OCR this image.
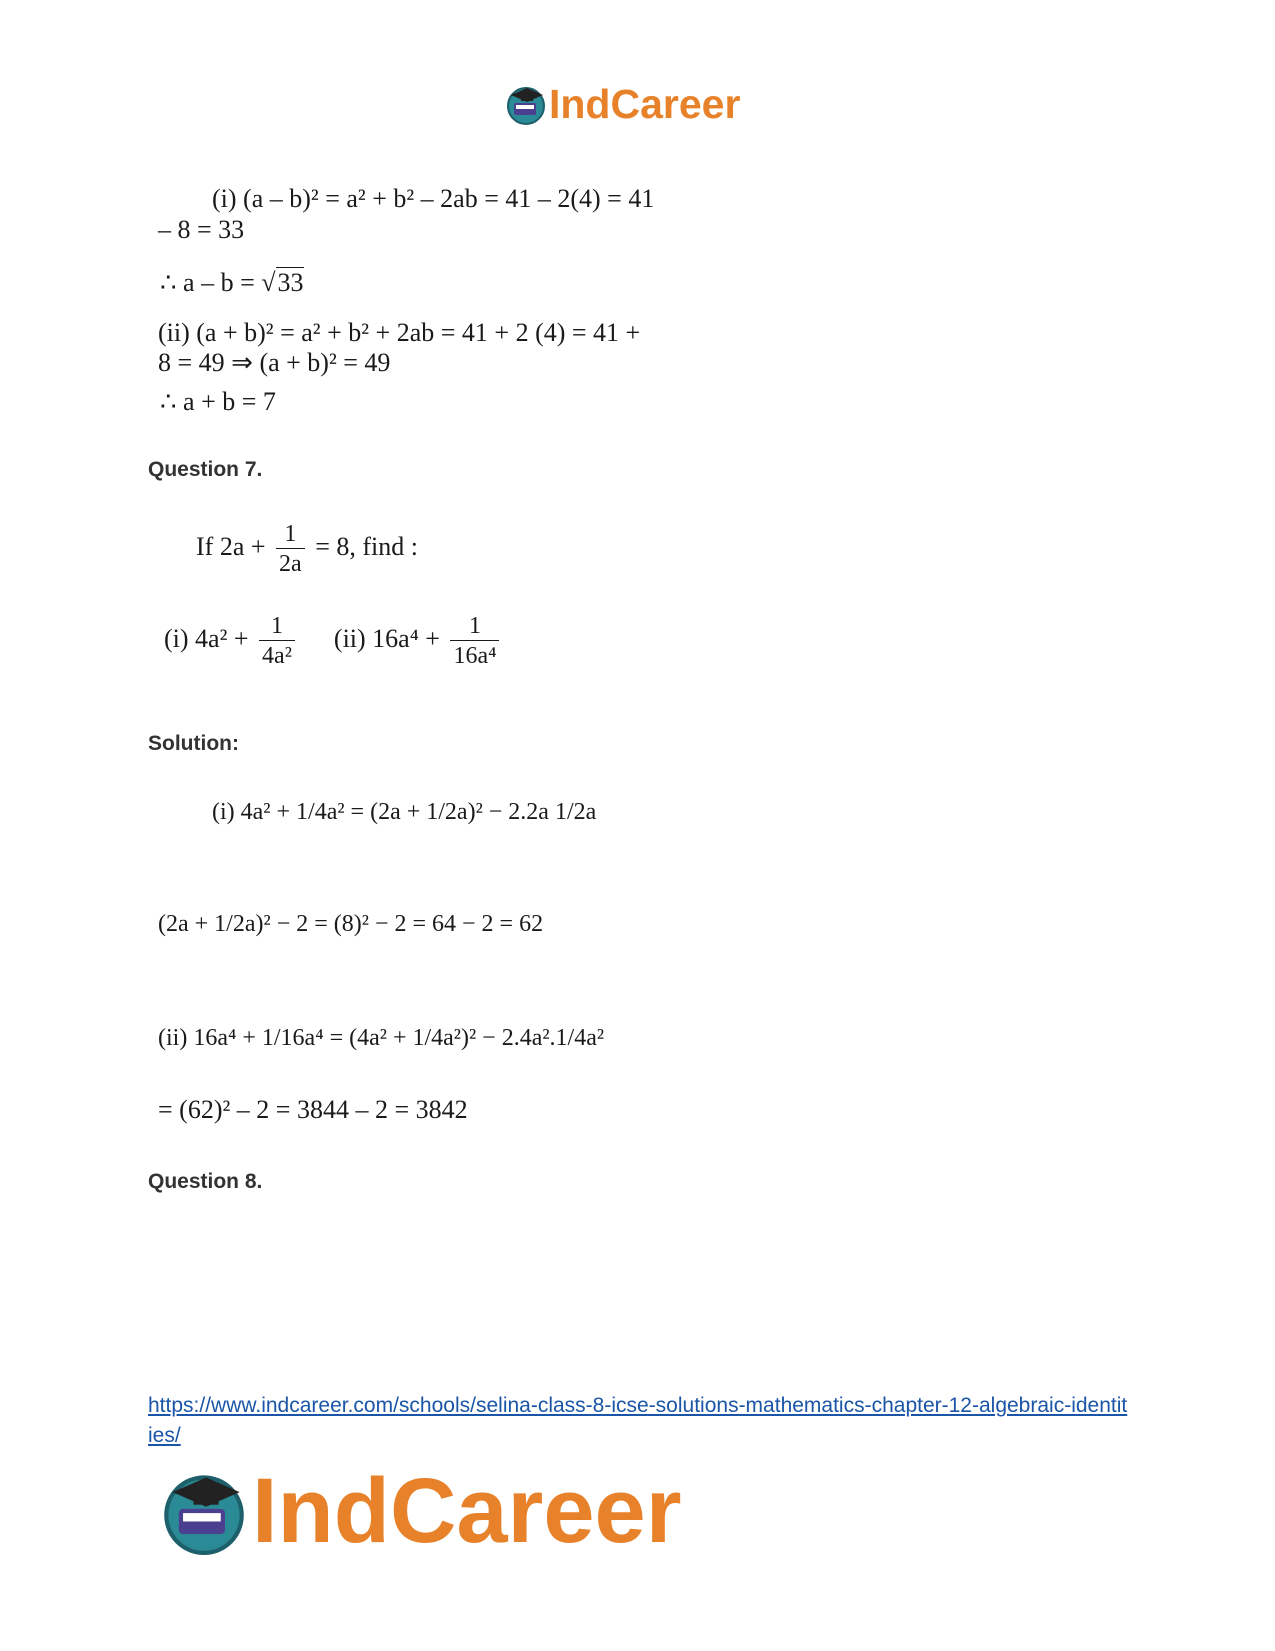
IndCareer
(i) (a – b)² = a² + b² – 2ab = 41 – 2(4) = 41
– 8 = 33
∴ a – b = √33
(ii) (a + b)² = a² + b² + 2ab = 41 + 2 (4) = 41 +
8 = 49 ⇒ (a + b)² = 49
∴ a + b = 7
Question 7.
If $2a + \frac{1}{2a} = 8$, find :
(i) $4a^2 + \frac{1}{\text{4a²}} (ii) 16a^4 + \frac{1}{\text{16a⁴}}$
Solution:
(i) 4a² + 1/4a² = (2a + 1/2a)² − 2.2a 1/2a
(2a + 1/2a)² − 2 = (8)² − 2 = 64 − 2 = 62
(ii) 16a⁴ + 1/16a⁴ = (4a² + 1/4a²)² − 2.4a².1/4a²
= (62)² – 2 = 3844 – 2 = 3842
Question 8.
https://www.indcareer.com/schools/selina-class-8-icse-solutions-mathematics-chapter-12-algebraic-identities/
IndCareer
